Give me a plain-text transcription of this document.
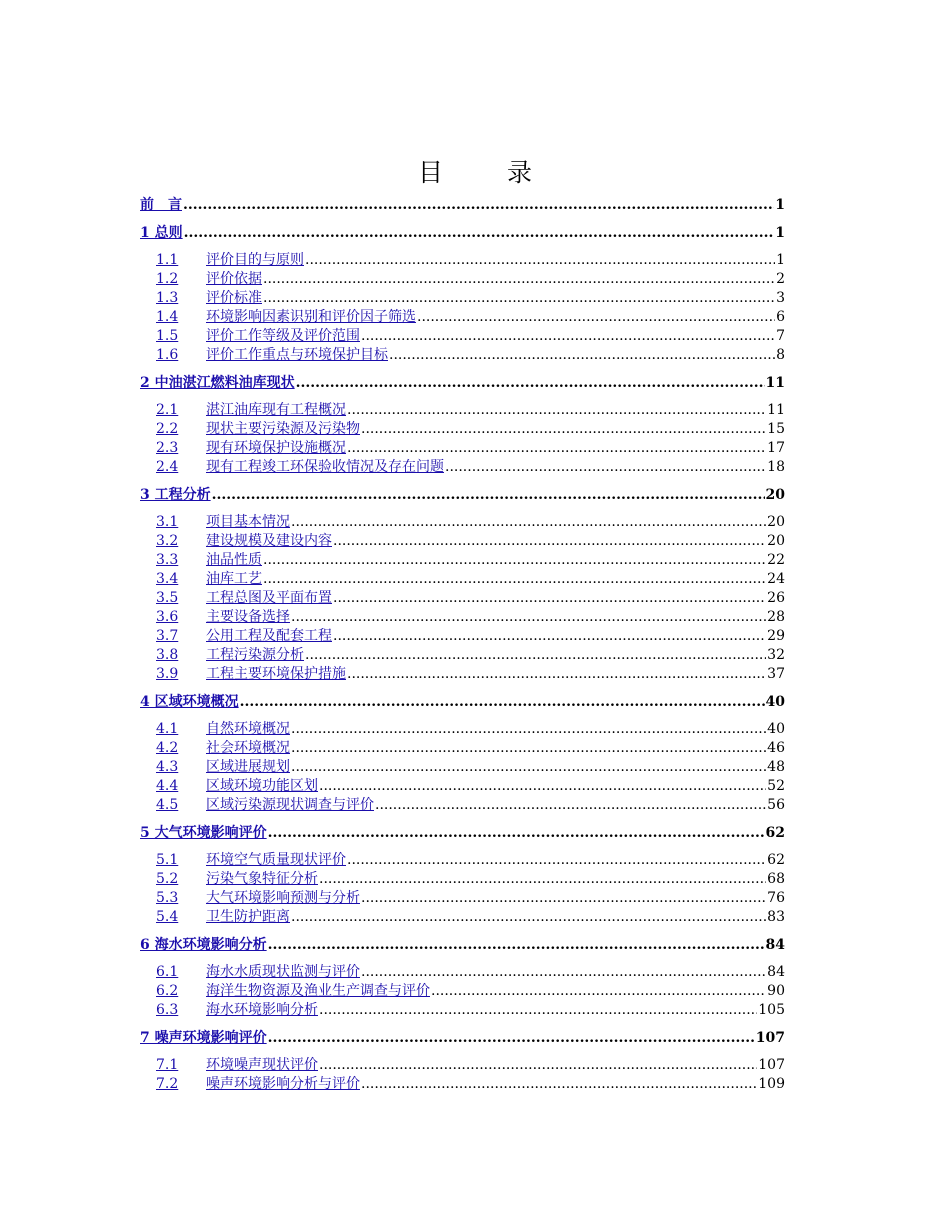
目 录
前　言 .....	1
1 总则 .....	1
1.1	评价目的与原则 .....	1
1.2	评价依据 .....	2
1.3	评价标准 .....	3
1.4	环境影响因素识别和评价因子筛选 .....	6
1.5	评价工作等级及评价范围 .....	7
1.6	评价工作重点与环境保护目标 .....	8
2 中油湛江燃料油库现状 .....	11
2.1	湛江油库现有工程概况 .....	11
2.2	现状主要污染源及污染物 .....	15
2.3	现有环境保护设施概况 .....	17
2.4	现有工程竣工环保验收情况及存在问题 .....	18
3 工程分析 .....	20
3.1	项目基本情况 .....	20
3.2	建设规模及建设内容 .....	20
3.3	油品性质 .....	22
3.4	油库工艺 .....	24
3.5	工程总图及平面布置 .....	26
3.6	主要设备选择 .....	28
3.7	公用工程及配套工程 .....	29
3.8	工程污染源分析 .....	32
3.9	工程主要环境保护措施 .....	37
4 区域环境概况 .....	40
4.1	自然环境概况 .....	40
4.2	社会环境概况 .....	46
4.3	区域进展规划 .....	48
4.4	区域环境功能区划 .....	52
4.5	区域污染源现状调查与评价 .....	56
5 大气环境影响评价 .....	62
5.1	环境空气质量现状评价 .....	62
5.2	污染气象特征分析 .....	68
5.3	大气环境影响预测与分析 .....	76
5.4	卫生防护距离 .....	83
6 海水环境影响分析 .....	84
6.1	海水水质现状监测与评价 .....	84
6.2	海洋生物资源及渔业生产调查与评价 .....	90
6.3	海水环境影响分析 .....	105
7 噪声环境影响评价 .....	107
7.1	环境噪声现状评价 .....	107
7.2	噪声环境影响分析与评价 .....	109
